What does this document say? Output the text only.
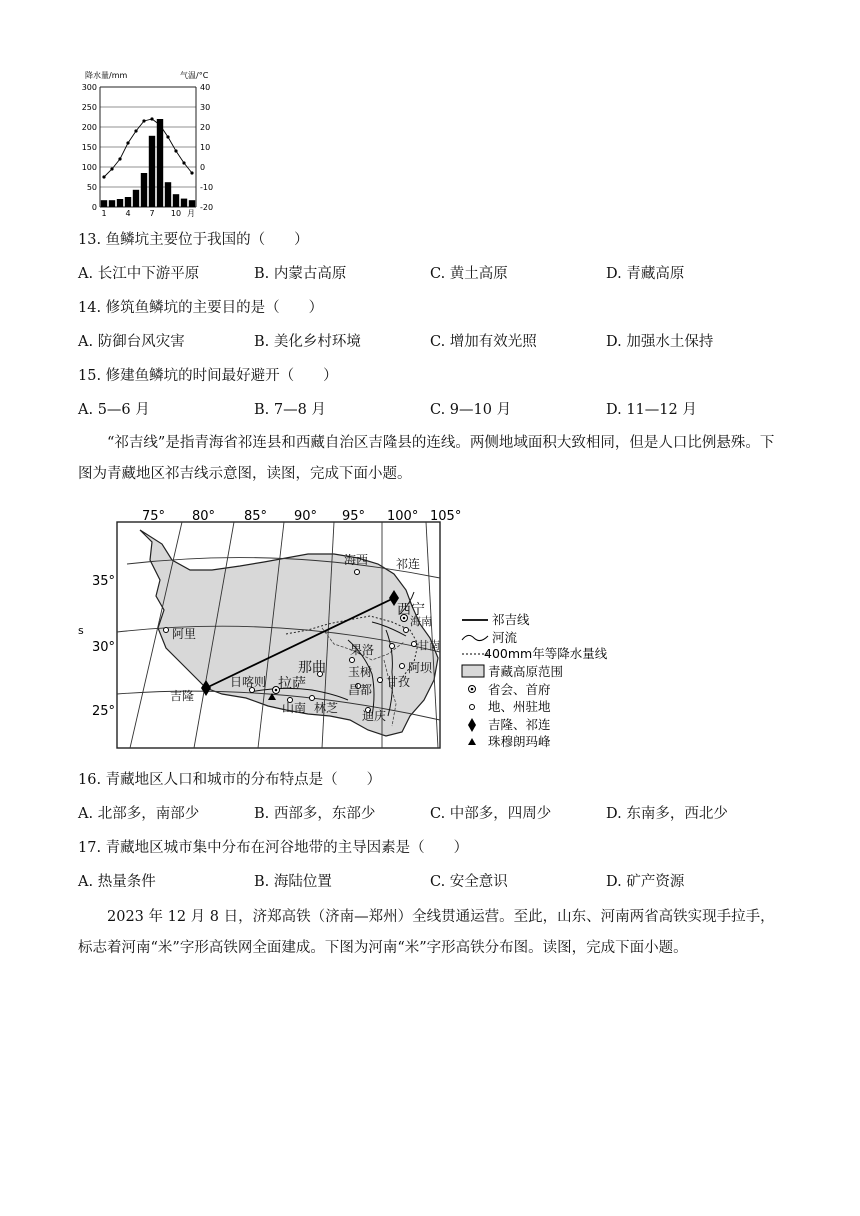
降水量/mm	气温/°C
300
250
200
150
100
50
0
40
30
20
10
0
-10
-20
1 4 7 10 月
13. 鱼鳞坑主要位于我国的（　　）
A. 长江中下游平原	B. 内蒙古高原	C. 黄土高原	D. 青藏高原
14. 修筑鱼鳞坑的主要目的是（　　）
A. 防御台风灾害	B. 美化乡村环境	C. 增加有效光照	D. 加强水土保持
15. 修建鱼鳞坑的时间最好避开（　　）
A. 5—6 月	B. 7—8 月	C. 9—10 月	D. 11—12 月
“祁吉线”是指青海省祁连县和西藏自治区吉隆县的连线。两侧地域面积大致相同，但是人口比例悬殊。下图为青藏地区祁吉线示意图，读图，完成下面小题。
75° 80° 85° 90° 95° 100° 105°
35°
30°
25°
s
海西 祁连
西宁
海南
阿里
果洛	甘南
那曲 玉树	阿坝
日喀则 拉萨	昌都
甘孜
吉隆
山南 林芝
迪庆
祁吉线
河流
400mm年等降水量线
青藏高原范围
省会、首府
地、州驻地
吉隆、祁连
珠穆朗玛峰
16. 青藏地区人口和城市的分布特点是（　　）
A. 北部多，南部少	B. 西部多，东部少	C. 中部多，四周少	D. 东南多，西北少
17. 青藏地区城市集中分布在河谷地带的主导因素是（　　）
A. 热量条件	B. 海陆位置	C. 安全意识	D. 矿产资源
2023 年 12 月 8 日，济郑高铁（济南—郑州）全线贯通运营。至此，山东、河南两省高铁实现手拉手，标志着河南“米”字形高铁网全面建成。下图为河南“米”字形高铁分布图。读图，完成下面小题。
